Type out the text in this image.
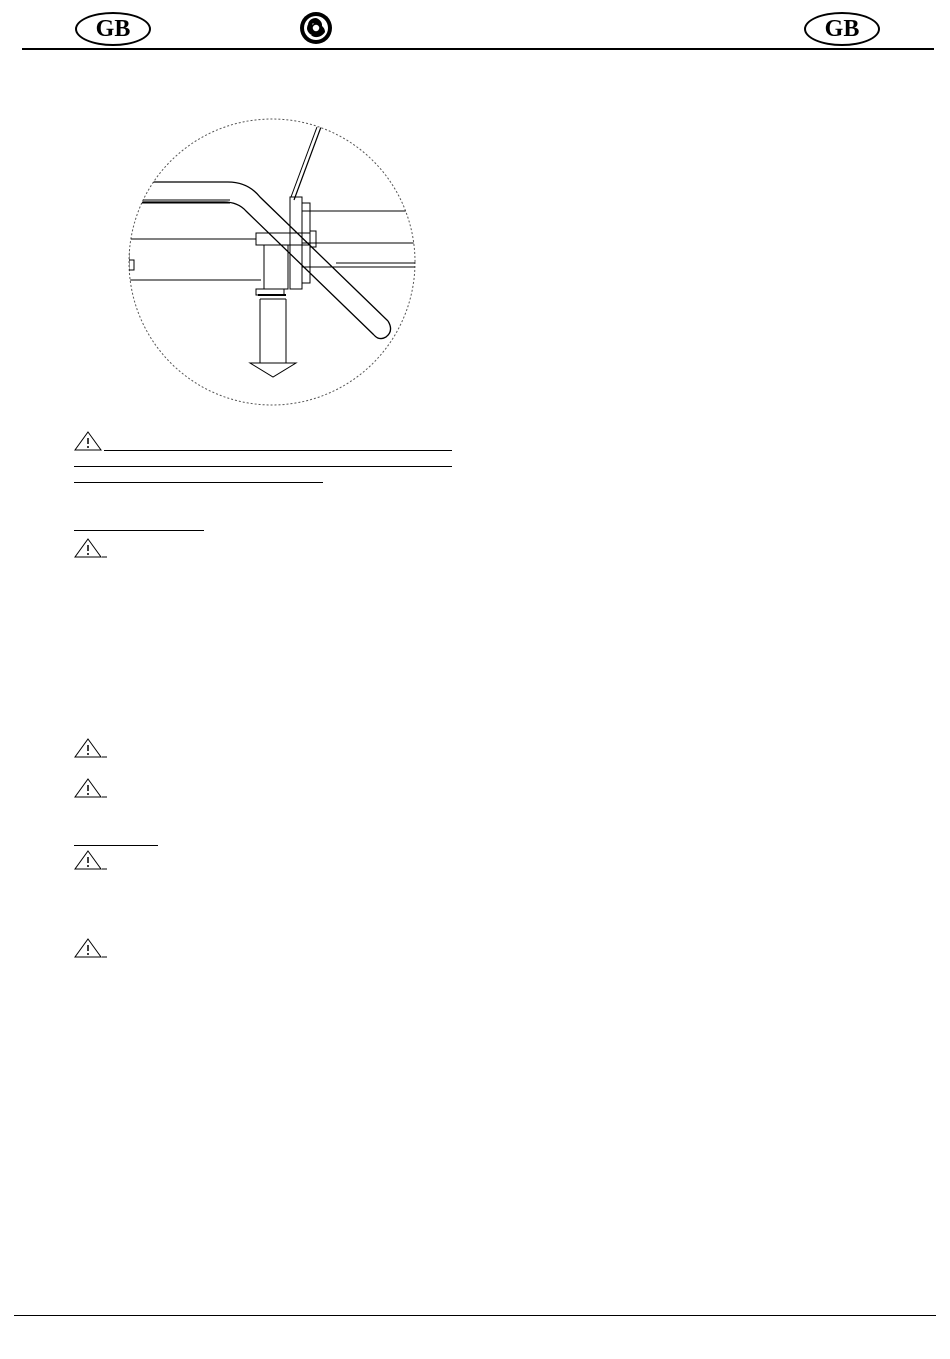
GB	GB
